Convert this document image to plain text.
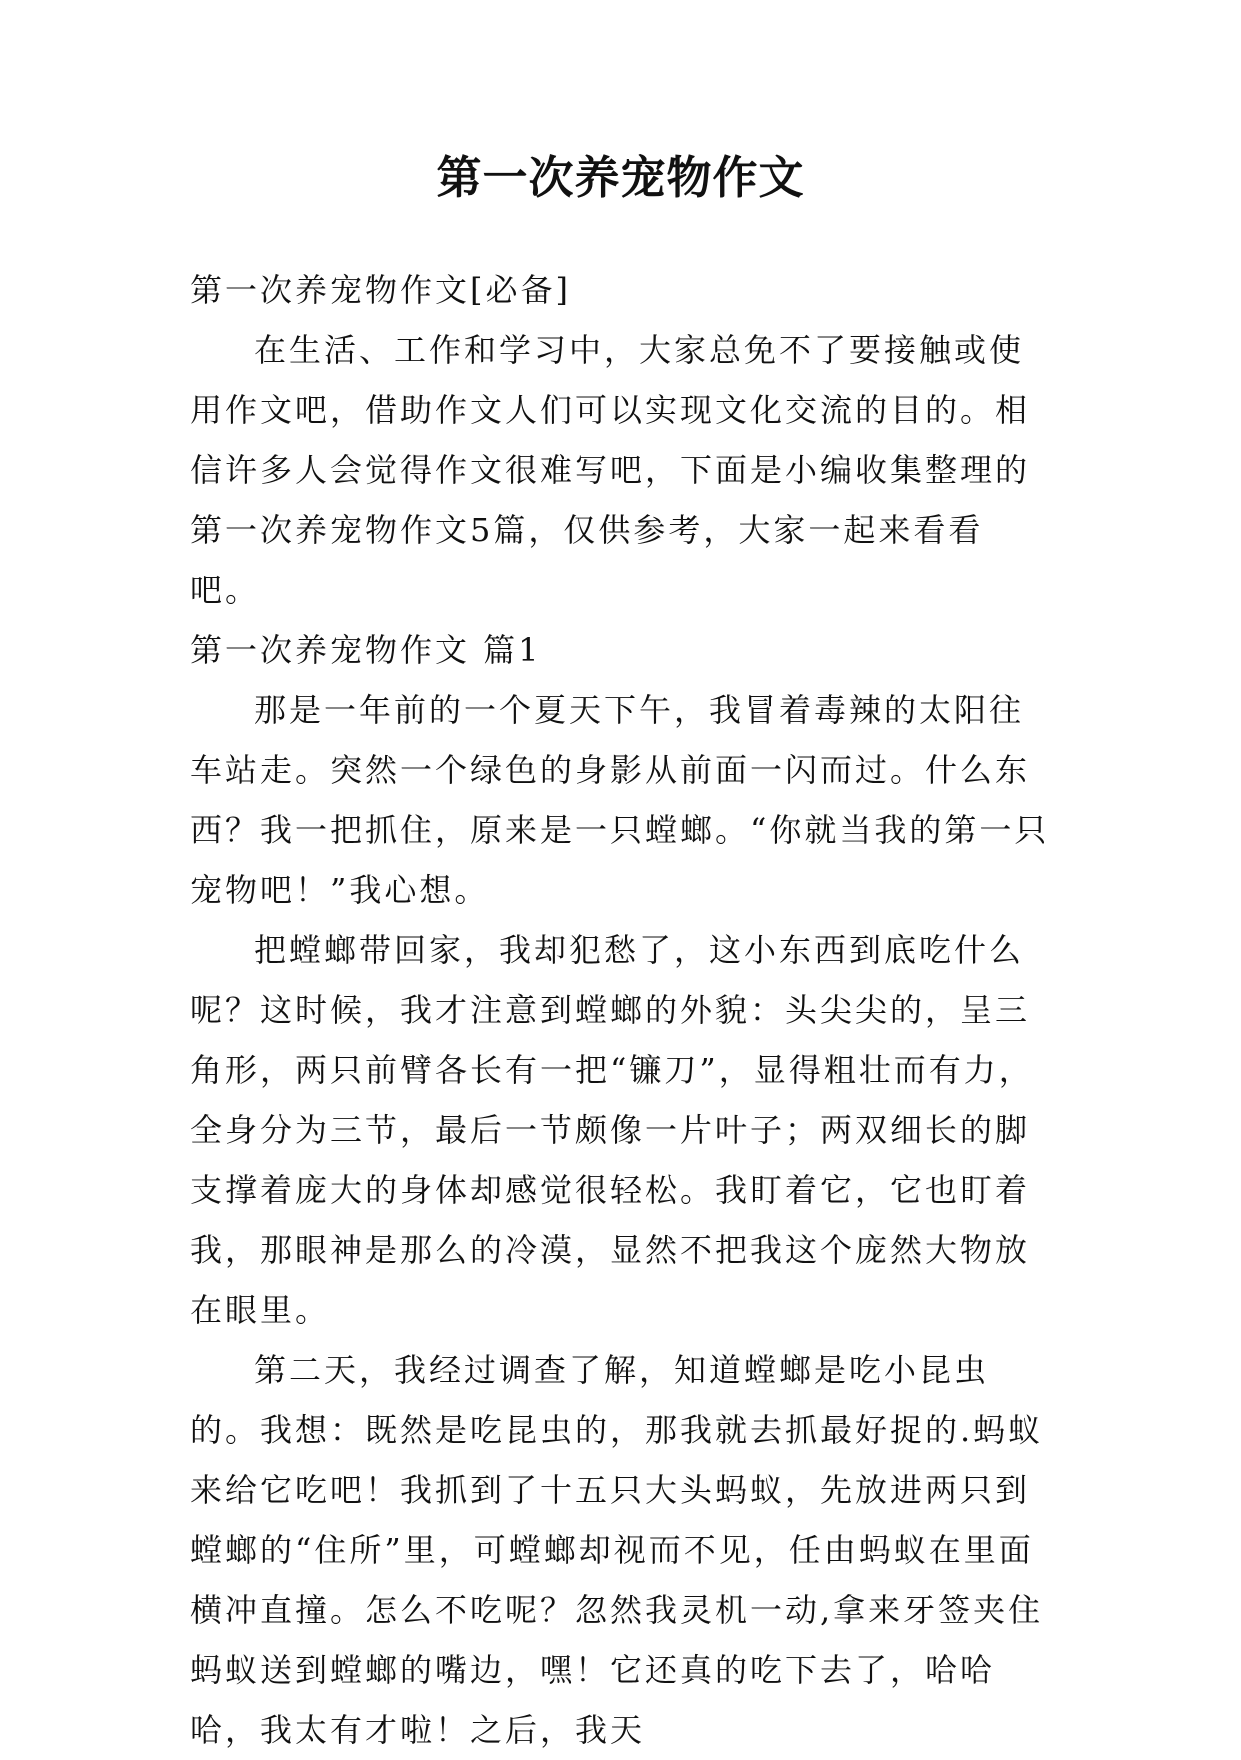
第一次养宠物作文

第一次养宠物作文[必备]

在生活、工作和学习中，大家总免不了要接触或使用作文吧，借助作文人们可以实现文化交流的目的。相信许多人会觉得作文很难写吧，下面是小编收集整理的第一次养宠物作文5篇，仅供参考，大家一起来看看吧。

第一次养宠物作文 篇1

那是一年前的一个夏天下午，我冒着毒辣的太阳往车站走。突然一个绿色的身影从前面一闪而过。什么东西？我一把抓住，原来是一只螳螂。“你就当我的第一只宠物吧！”我心想。

把螳螂带回家，我却犯愁了，这小东西到底吃什么呢？这时候，我才注意到螳螂的外貌：头尖尖的，呈三角形，两只前臂各长有一把“镰刀”，显得粗壮而有力，全身分为三节，最后一节颇像一片叶子；两双细长的脚支撑着庞大的身体却感觉很轻松。我盯着它，它也盯着我，那眼神是那么的冷漠，显然不把我这个庞然大物放在眼里。

第二天，我经过调查了解，知道螳螂是吃小昆虫的。我想：既然是吃昆虫的，那我就去抓最好捉的.蚂蚁来给它吃吧！我抓到了十五只大头蚂蚁，先放进两只到螳螂的“住所”里，可螳螂却视而不见，任由蚂蚁在里面横冲直撞。怎么不吃呢？忽然我灵机一动,拿来牙签夹住蚂蚁送到螳螂的嘴边，嘿！它还真的吃下去了，哈哈哈，我太有才啦！之后，我天
